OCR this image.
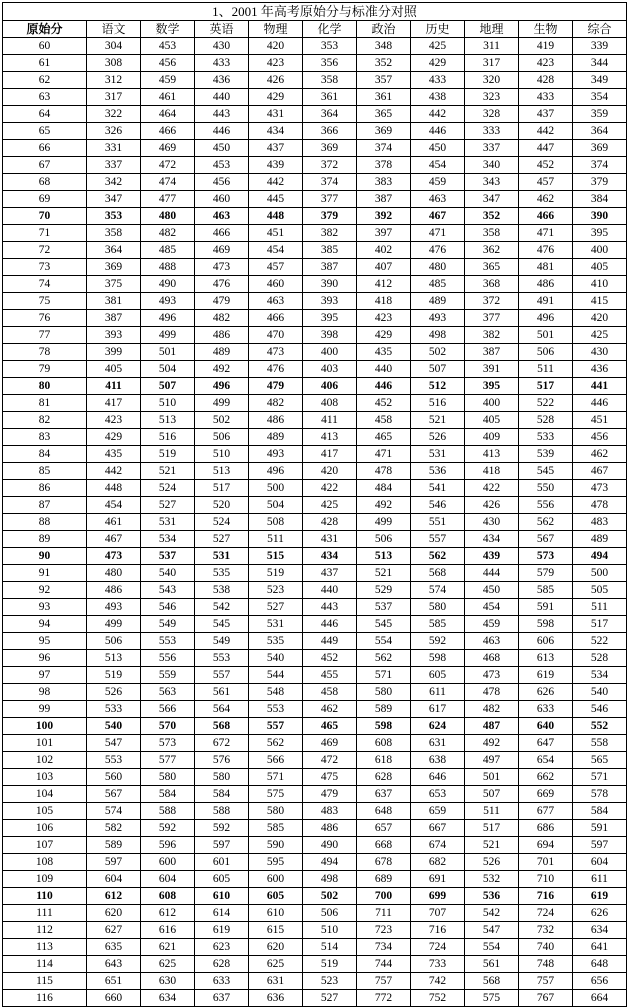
1、2001 年高考原始分与标准分对照										
原始分	语文	数学	英语	物理	化学	政治	历史	地理	生物	综合
60	304	453	430	420	353	348	425	311	419	339
61	308	456	433	423	356	352	429	317	423	344
62	312	459	436	426	358	357	433	320	428	349
63	317	461	440	429	361	361	438	323	433	354
64	322	464	443	431	364	365	442	328	437	359
65	326	466	446	434	366	369	446	333	442	364
66	331	469	450	437	369	374	450	337	447	369
67	337	472	453	439	372	378	454	340	452	374
68	342	474	456	442	374	383	459	343	457	379
69	347	477	460	445	377	387	463	347	462	384
70	353	480	463	448	379	392	467	352	466	390
71	358	482	466	451	382	397	471	358	471	395
72	364	485	469	454	385	402	476	362	476	400
73	369	488	473	457	387	407	480	365	481	405
74	375	490	476	460	390	412	485	368	486	410
75	381	493	479	463	393	418	489	372	491	415
76	387	496	482	466	395	423	493	377	496	420
77	393	499	486	470	398	429	498	382	501	425
78	399	501	489	473	400	435	502	387	506	430
79	405	504	492	476	403	440	507	391	511	436
80	411	507	496	479	406	446	512	395	517	441
81	417	510	499	482	408	452	516	400	522	446
82	423	513	502	486	411	458	521	405	528	451
83	429	516	506	489	413	465	526	409	533	456
84	435	519	510	493	417	471	531	413	539	462
85	442	521	513	496	420	478	536	418	545	467
86	448	524	517	500	422	484	541	422	550	473
87	454	527	520	504	425	492	546	426	556	478
88	461	531	524	508	428	499	551	430	562	483
89	467	534	527	511	431	506	557	434	567	489
90	473	537	531	515	434	513	562	439	573	494
91	480	540	535	519	437	521	568	444	579	500
92	486	543	538	523	440	529	574	450	585	505
93	493	546	542	527	443	537	580	454	591	511
94	499	549	545	531	446	545	585	459	598	517
95	506	553	549	535	449	554	592	463	606	522
96	513	556	553	540	452	562	598	468	613	528
97	519	559	557	544	455	571	605	473	619	534
98	526	563	561	548	458	580	611	478	626	540
99	533	566	564	553	462	589	617	482	633	546
100	540	570	568	557	465	598	624	487	640	552
101	547	573	672	562	469	608	631	492	647	558
102	553	577	576	566	472	618	638	497	654	565
103	560	580	580	571	475	628	646	501	662	571
104	567	584	584	575	479	637	653	507	669	578
105	574	588	588	580	483	648	659	511	677	584
106	582	592	592	585	486	657	667	517	686	591
107	589	596	597	590	490	668	674	521	694	597
108	597	600	601	595	494	678	682	526	701	604
109	604	604	605	600	498	689	691	532	710	611
110	612	608	610	605	502	700	699	536	716	619
111	620	612	614	610	506	711	707	542	724	626
112	627	616	619	615	510	723	716	547	732	634
113	635	621	623	620	514	734	724	554	740	641
114	643	625	628	625	519	744	733	561	748	648
115	651	630	633	631	523	757	742	568	757	656
116	660	634	637	636	527	772	752	575	767	664
